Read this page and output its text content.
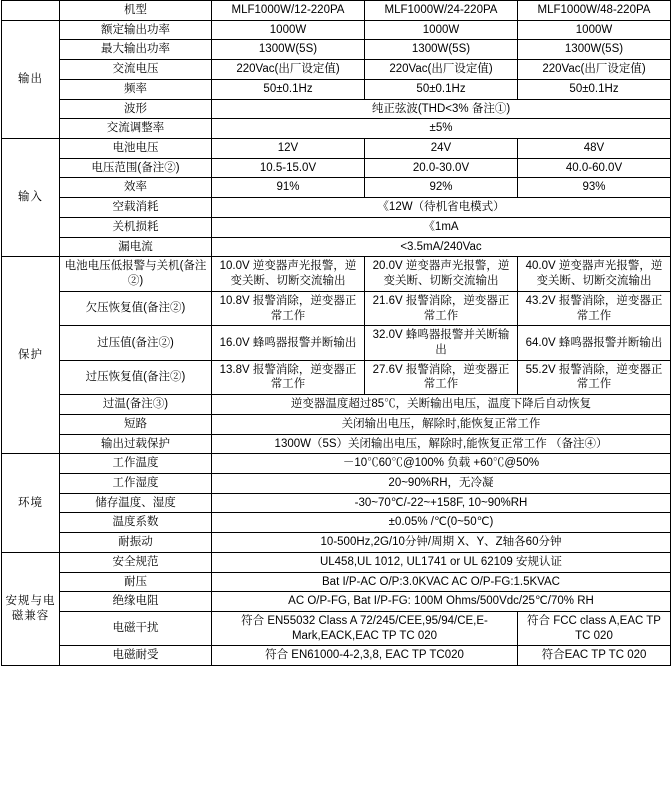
	机型	MLF1000W/12-220PA	MLF1000W/24-220PA	MLF1000W/48-220PA
输出	额定输出功率	1000W	1000W	1000W
	最大输出功率	1300W(5S)	1300W(5S)	1300W(5S)
	交流电压	220Vac(出厂设定值)	220Vac(出厂设定值)	220Vac(出厂设定值)
	频率	50±0.1Hz	50±0.1Hz	50±0.1Hz
	波形	纯正弦波(THD<3% 备注①)		
	交流调整率	±5%		
输入	电池电压	12V	24V	48V
	电压范围(备注②)	10.5-15.0V	20.0-30.0V	40.0-60.0V
	效率	91%	92%	93%
	空载消耗	《12W（待机省电模式）		
	关机损耗	《1mA		
	漏电流	<3.5mA/240Vac		
保护	电池电压低报警与关机(备注②)	10.0V 逆变器声光报警，逆变关断、切断交流输出	20.0V 逆变器声光报警，逆变关断、切断交流输出	40.0V 逆变器声光报警，逆变关断、切断交流输出
	欠压恢复值(备注②)	10.8V 报警消除，逆变器正常工作	21.6V 报警消除，逆变器正常工作	43.2V 报警消除，逆变器正常工作
	过压值(备注②)	16.0V 蜂鸣器报警并断输出	32.0V 蜂鸣器报警并关断输出	64.0V 蜂鸣器报警并断输出
	过压恢复值(备注②)	13.8V 报警消除，逆变器正常工作	27.6V 报警消除，逆变器正常工作	55.2V 报警消除，逆变器正常工作
	过温(备注③)	逆变器温度超过85℃，关断输出电压，温度下降后自动恢复		
	短路	关闭输出电压，解除时,能恢复正常工作		
	输出过载保护	1300W（5S）关闭输出电压，解除时,能恢复正常工作 （备注④）		
环境	工作温度	－10℃60℃@100% 负载 +60℃@50%		
	工作湿度	20~90%RH，无冷凝		
	储存温度、湿度	-30~70℃/-22~+158F, 10~90%RH		
	温度系数	±0.05% /℃(0~50℃)		
	耐振动	10-500Hz,2G/10分钟/周期 X、Y、Z轴各60分钟		
安规与电磁兼容	安全规范	UL458,UL 1012, UL1741 or UL 62109 安规认证		
	耐压	Bat I/P-AC O/P:3.0KVAC AC O/P-FG:1.5KVAC		
	绝缘电阻	AC O/P-FG, Bat I/P-FG: 100M Ohms/500Vdc/25℃/70% RH		
	电磁干扰	符合 EN55032 Class A 72/245/CEE,95/94/CE,E-Mark,EACK,EAC TP TC 020		符合 FCC class A,EAC TP TC 020
	电磁耐受	符合 EN61000-4-2,3,8, EAC TP TC020		符合EAC TP TC 020
